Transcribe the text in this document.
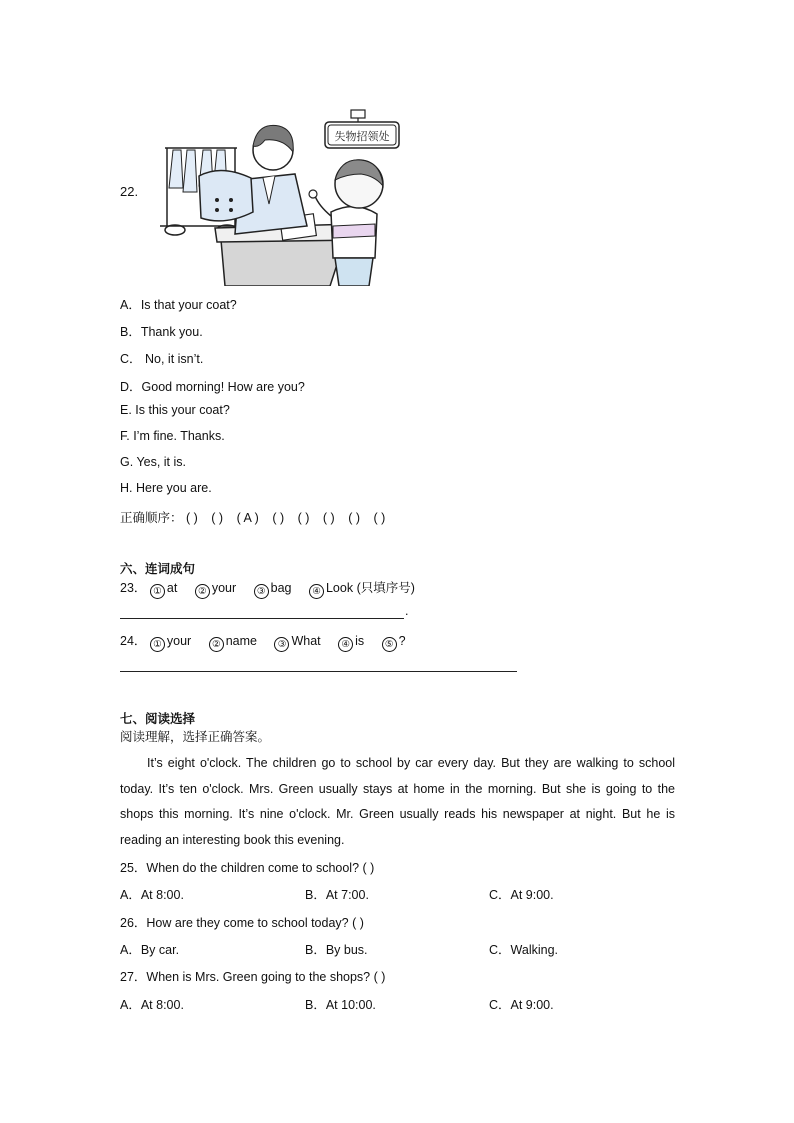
22.
失物招领处
A．Is that your coat?
B．Thank you.
C． No, it isn’t.
D．Good morning! How are you?
E. Is this your coat?
F. I’m fine. Thanks.
G. Yes, it is.
H. Here you are.
正确顺序： ( ) ( ) ( A ) ( ) ( ) ( ) ( ) ( )
六、连词成句
23． ① at ② your ③ bag ④ Look (只填序号)
.
24． ① your ② name ③ What ④ is ⑤ ?
七、阅读选择
阅读理解，选择正确答案。
It’s eight o'clock. The children go to school by car every day. But they are walking to school today. It’s ten o'clock. Mrs. Green usually stays at home in the morning. But she is going to the shops this morning. It’s nine o'clock. Mr. Green usually reads his newspaper at night. But he is reading an interesting book this evening.
25．When do the children come to school? ( )
A．At 8:00.	B．At 7:00.	C．At 9:00.
26．How are they come to school today? ( )
A．By car.	B．By bus.	C．Walking.
27．When is Mrs. Green going to the shops? ( )
A．At 8:00.	B．At 10:00.	C．At 9:00.
